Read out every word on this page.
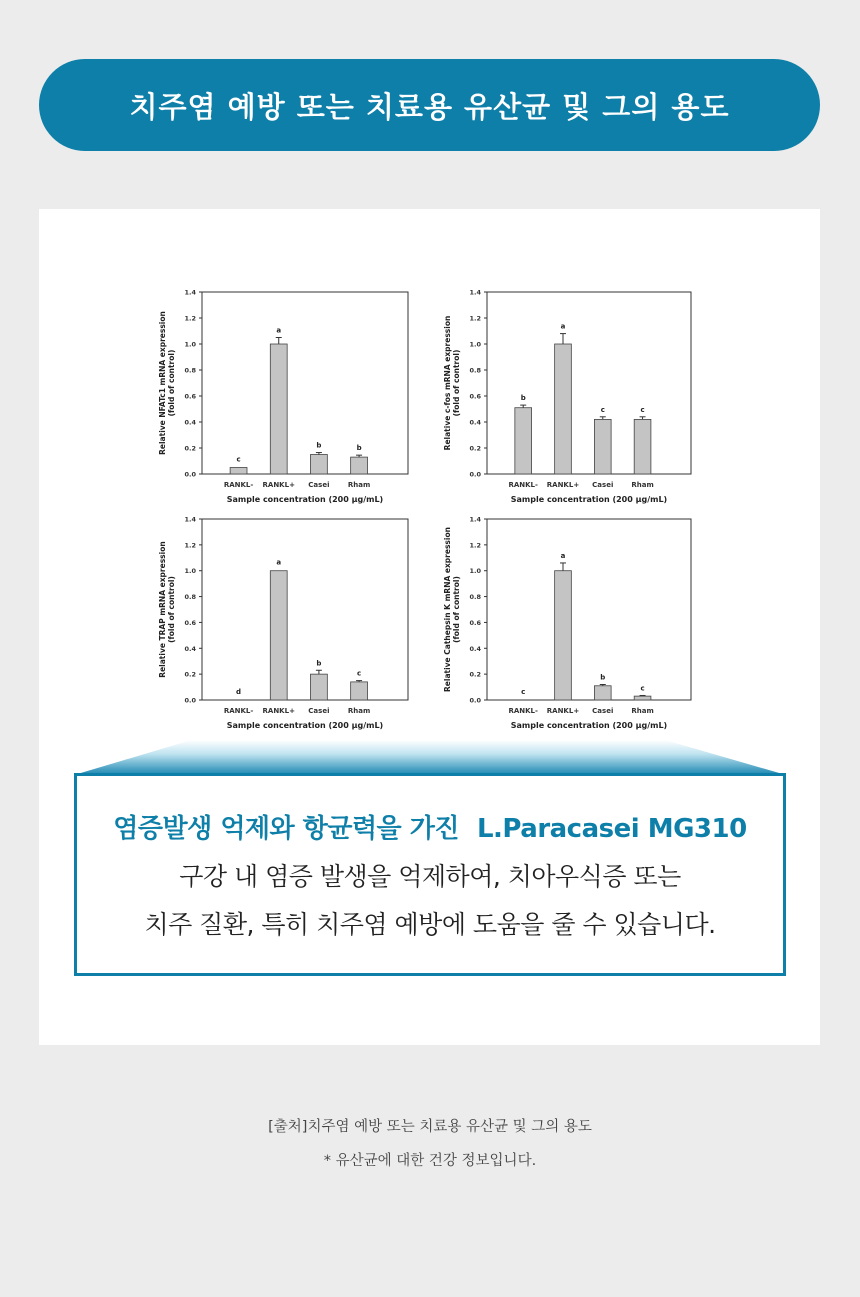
치주염 예방 또는 치료용 유산균 및 그의 용도
0.0
0.2
0.4
0.6
0.8
1.0
1.2
1.4
c
RANKL-
a
RANKL+
b
Casei
b
Rham
Sample concentration (200 μg/mL)
Relative NFATc1 mRNA expression (fold of control)
0.0
0.2
0.4
0.6
0.8
1.0
1.2
1.4
b
RANKL-
a
RANKL+
c
Casei
c
Rham
Sample concentration (200 μg/mL)
Relative c-fos mRNA expression (fold of control)
0.0
0.2
0.4
0.6
0.8
1.0
1.2
1.4
d
RANKL-
a
RANKL+
b
Casei
c
Rham
Sample concentration (200 μg/mL)
Relative TRAP mRNA expression (fold of control)
0.0
0.2
0.4
0.6
0.8
1.0
1.2
1.4
c
RANKL-
a
RANKL+
b
Casei
c
Rham
Sample concentration (200 μg/mL)
Relative Cathepsin K mRNA expression (fold of control)
염증발생 억제와 항균력을 가진 L.Paracasei MG310
구강 내 염증 발생을 억제하여, 치아우식증 또는
치주 질환, 특히 치주염 예방에 도움을 줄 수 있습니다.
[출처]치주염 예방 또는 치료용 유산균 및 그의 용도
* 유산균에 대한 건강 정보입니다.
